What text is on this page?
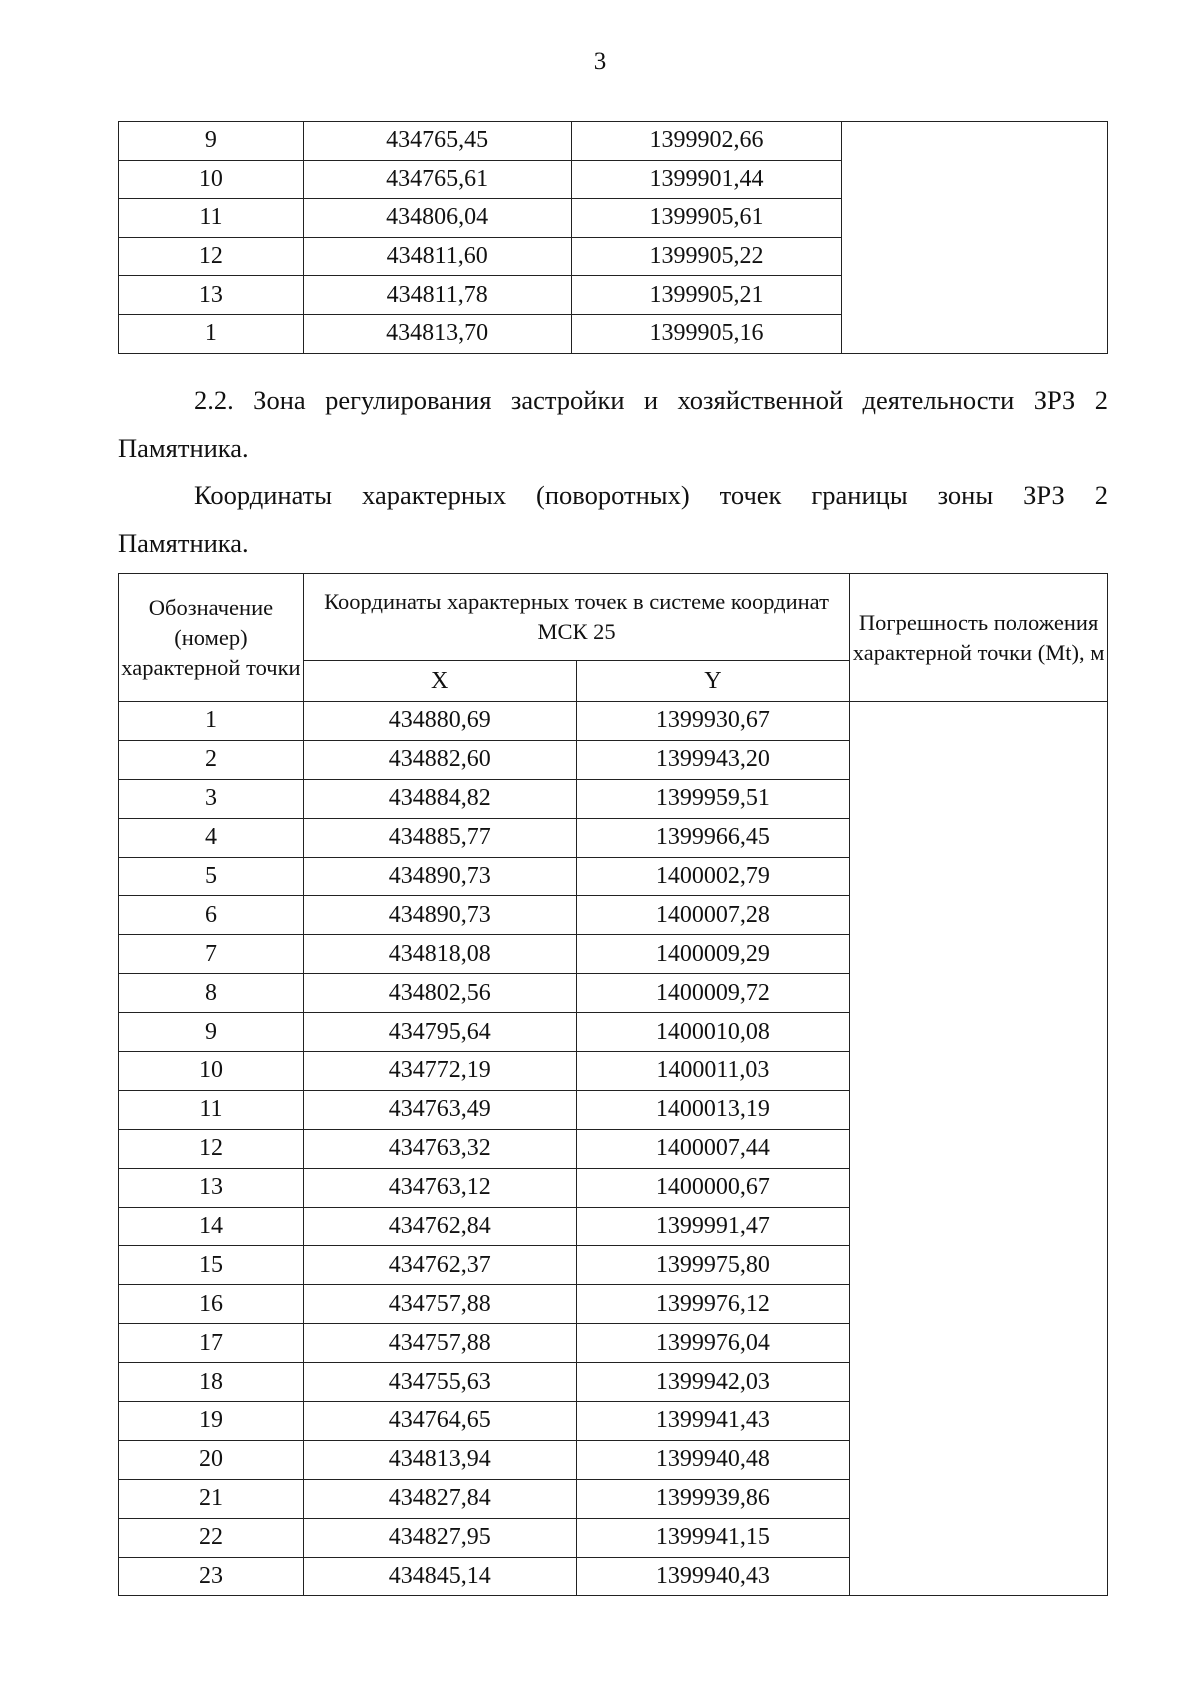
3
9	434765,45	1399902,66	
10	434765,61	1399901,44	
11	434806,04	1399905,61	
12	434811,60	1399905,22	
13	434811,78	1399905,21	
1	434813,70	1399905,16	
2.2. Зона регулирования застройки и хозяйственной деятельности ЗРЗ 2
Памятника.
Координаты характерных (поворотных) точек границы зоны ЗРЗ 2
Памятника.
Обозначение (номер) характерной точки	Координаты характерных точек в системе координат МСК 25		Погрешность положения характерной точки (Mt), м
	X	Y	
1	434880,69	1399930,67	
2	434882,60	1399943,20	
3	434884,82	1399959,51	
4	434885,77	1399966,45	
5	434890,73	1400002,79	
6	434890,73	1400007,28	
7	434818,08	1400009,29	
8	434802,56	1400009,72	
9	434795,64	1400010,08	
10	434772,19	1400011,03	
11	434763,49	1400013,19	
12	434763,32	1400007,44	
13	434763,12	1400000,67	
14	434762,84	1399991,47	
15	434762,37	1399975,80	
16	434757,88	1399976,12	
17	434757,88	1399976,04	
18	434755,63	1399942,03	
19	434764,65	1399941,43	
20	434813,94	1399940,48	
21	434827,84	1399939,86	
22	434827,95	1399941,15	
23	434845,14	1399940,43	
